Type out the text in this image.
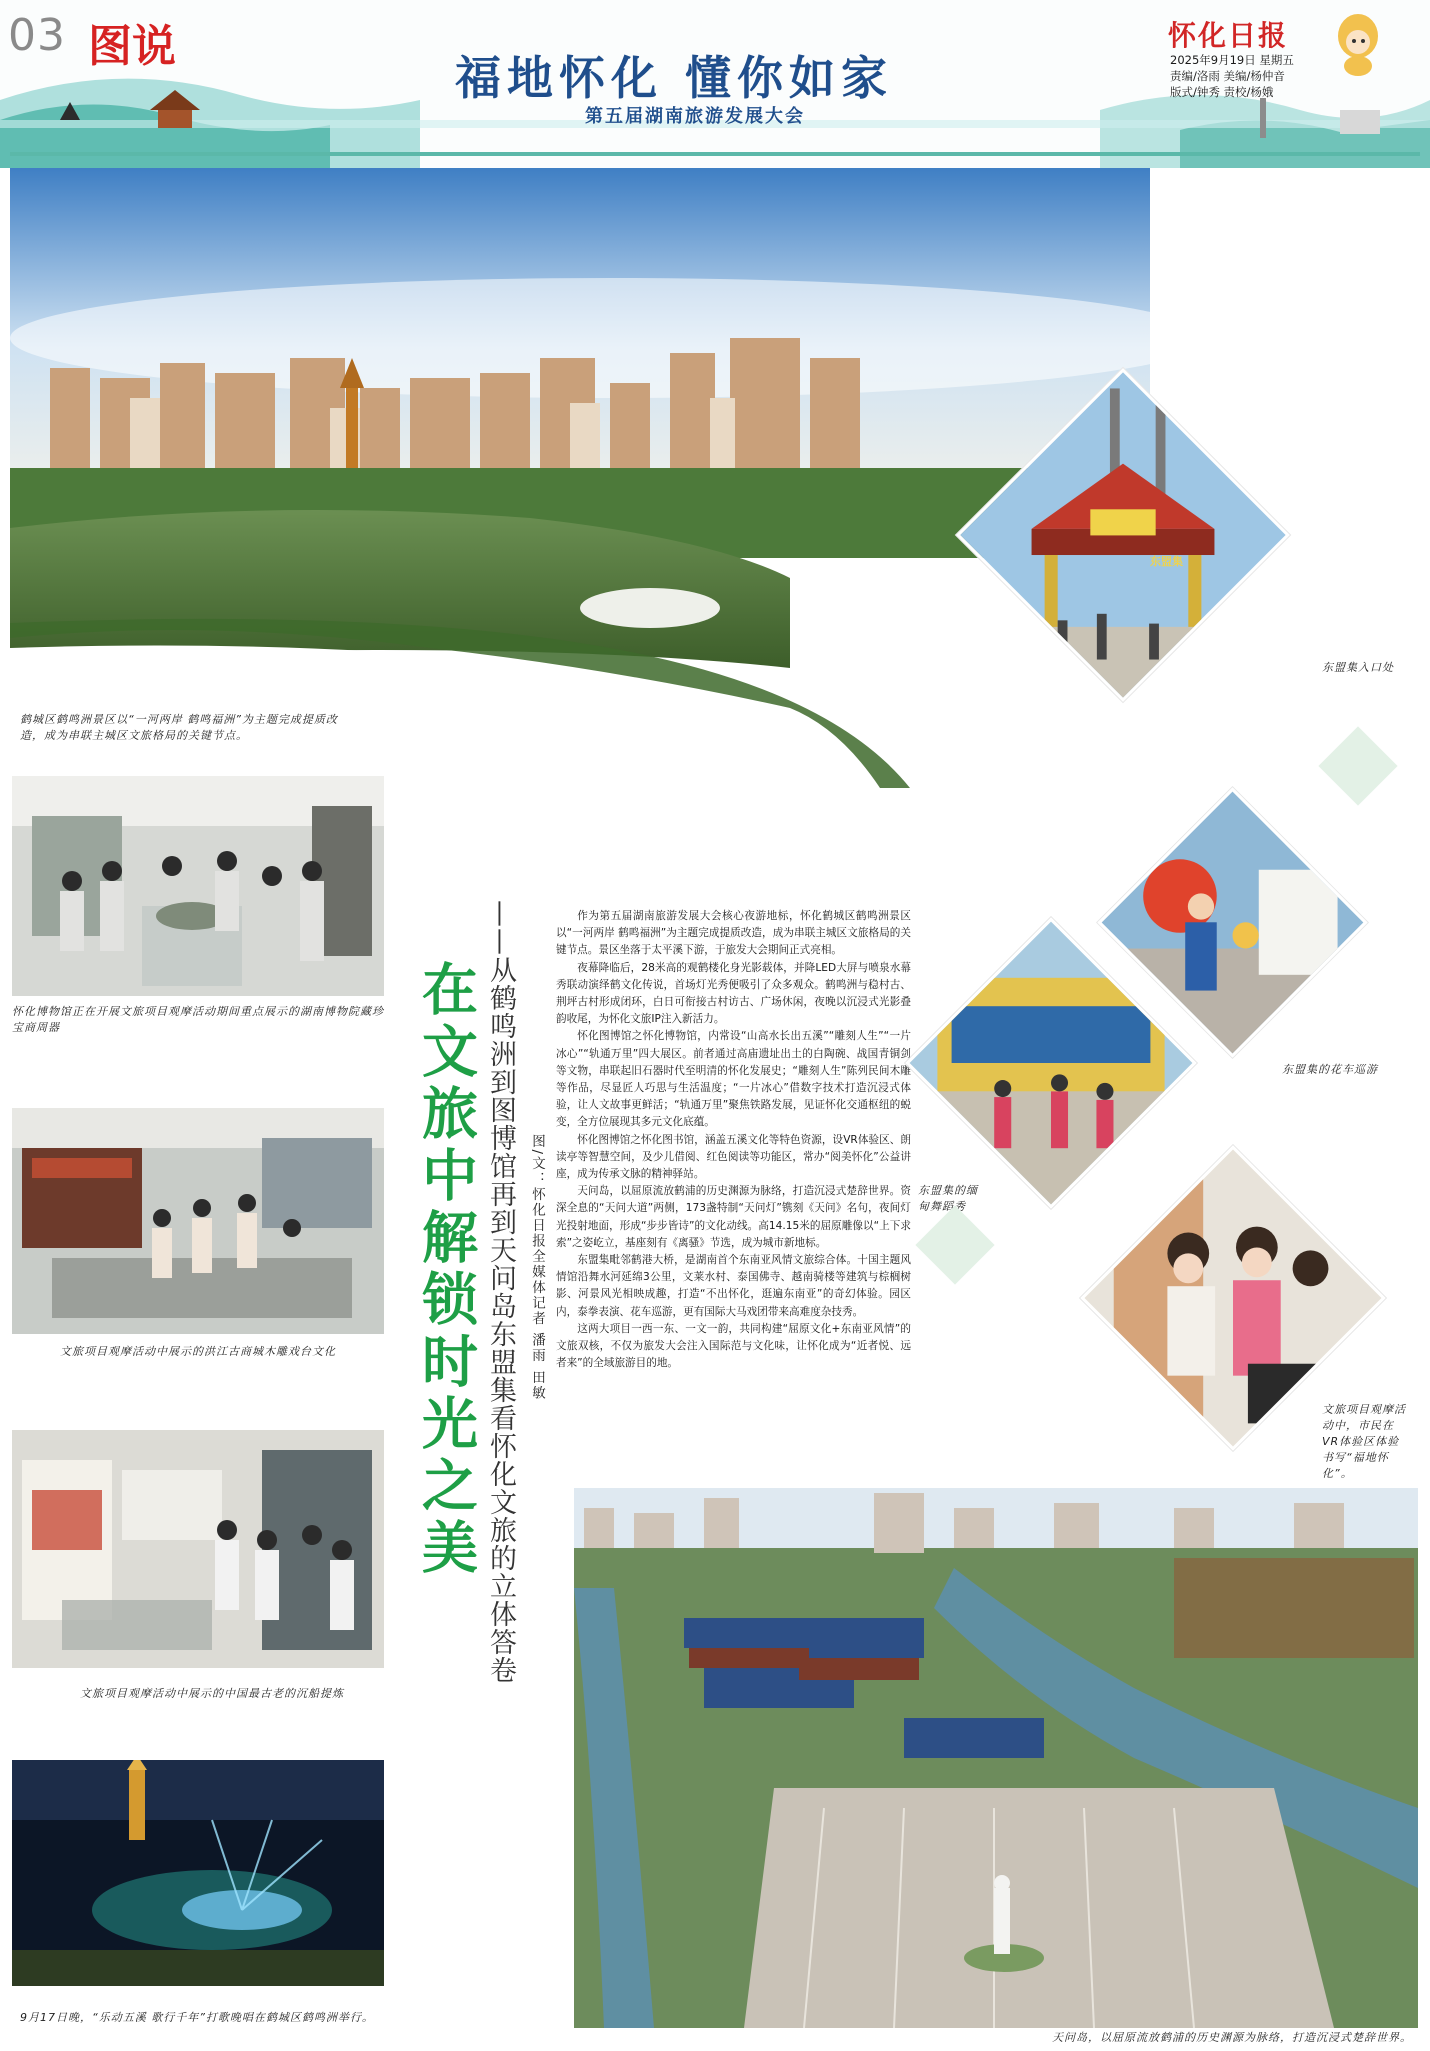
03 图说
福地怀化 懂你如家
第五届湖南旅游发展大会
怀化日报
2025年9月19日 星期五
责编/洛雨 美编/杨仲音
版式/钟秀 责校/杨娥
鹤城区鹤鸣洲景区以“一河两岸 鹤鸣福洲”为主题完成提质改造，成为串联主城区文旅格局的关键节点。
东盟集
东盟集入口处
怀化博物馆正在开展文旅项目观摩活动期间重点展示的湖南博物院藏珍宝商周器
文旅项目观摩活动中展示的洪江古商城木雕戏台文化
文旅项目观摩活动中展示的中国最古老的沉船提炼
9月17日晚，“乐动五溪 歌行千年”打歌晚唱在鹤城区鹤鸣洲举行。
在文旅中解锁时光之美 ——从鹤鸣洲到图博馆再到天问岛东盟集看怀化文旅的立体答卷 图/文：怀化日报全媒体记者 潘雨 田敏

作为第五届湖南旅游发展大会核心夜游地标，怀化鹤城区鹤鸣洲景区以“一河两岸 鹤鸣福洲”为主题完成提质改造，成为串联主城区文旅格局的关键节点。景区坐落于太平溪下游，于旅发大会期间正式亮相。

夜幕降临后，28米高的观鹤楼化身光影载体，并降LED大屏与喷泉水幕秀联动演绎鹤文化传说，首场灯光秀便吸引了众多观众。鹤鸣洲与稳村古、荆坪古村形成闭环，白日可衔接古村访古、广场休闲，夜晚以沉浸式光影叠韵收尾，为怀化文旅IP注入新活力。

怀化图博馆之怀化博物馆，内常设“山高水长出五溪”“雕刻人生”“一片冰心”“轨通万里”四大展区。前者通过高庙遗址出土的白陶碗、战国青铜剑等文物，串联起旧石器时代至明清的怀化发展史；“雕刻人生”陈列民间木雕等作品，尽显匠人巧思与生活温度；“一片冰心”借数字技术打造沉浸式体验，让人文故事更鲜活；“轨通万里”聚焦铁路发展，见证怀化交通枢纽的蜕变，全方位展现其多元文化底蕴。

怀化图博馆之怀化图书馆，涵盖五溪文化等特色资源，设VR体验区、朗读亭等智慧空间，及少儿借阅、红色阅读等功能区，常办“阅美怀化”公益讲座，成为传承文脉的精神驿站。

天问岛，以屈原流放鹤浦的历史渊源为脉络，打造沉浸式楚辞世界。资深全息的“天问大道”两侧，173盏特制“天问灯”镌刻《天问》名句，夜间灯光投射地面，形成“步步皆诗”的文化动线。高14.15米的屈原雕像以“上下求索”之姿屹立，基座刻有《离骚》节选，成为城市新地标。

东盟集毗邻鹤港大桥，是湖南首个东南亚风情文旅综合体。十国主题风情馆沿舞水河延绵3公里，文莱水村、泰国佛寺、越南骑楼等建筑与棕榈树影、河景风光相映成趣，打造“不出怀化，逛遍东南亚”的奇幻体验。园区内，泰拳表演、花车巡游，更有国际大马戏团带来高难度杂技秀。

这两大项目一西一东、一文一韵，共同构建“屈原文化+东南亚风情”的文旅双核，不仅为旅发大会注入国际范与文化味，让怀化成为“近者悦、远者来”的全域旅游目的地。

东盟集的花车巡游
东盟集的缅甸舞蹈秀
文旅项目观摩活动中，市民在VR体验区体验书写“福地怀化”。
天问岛，以屈原流放鹤浦的历史渊源为脉络，打造沉浸式楚辞世界。
